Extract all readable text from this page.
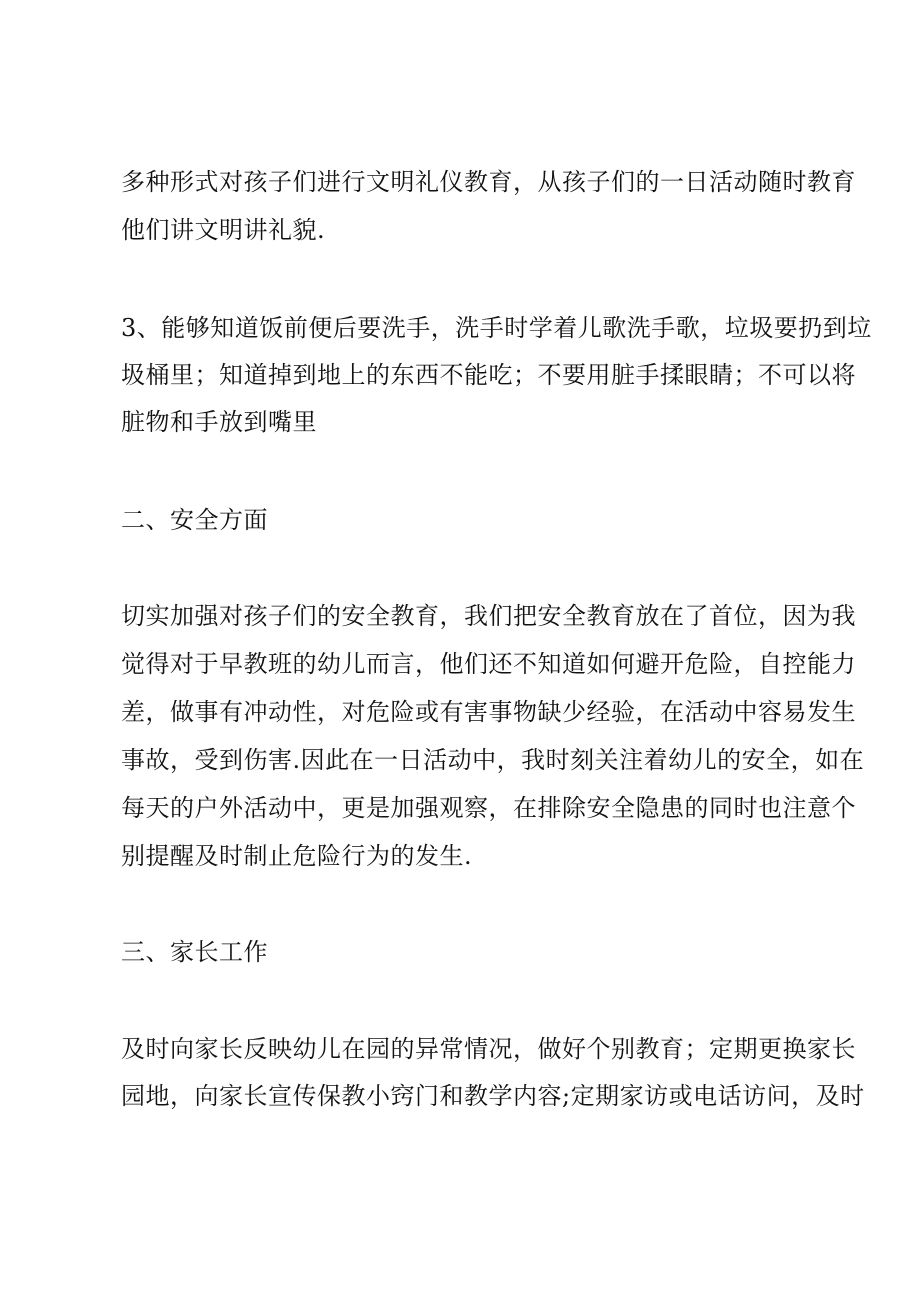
多种形式对孩子们进行文明礼仪教育，从孩子们的一日活动随时教育
他们讲文明讲礼貌.
3、能够知道饭前便后要洗手，洗手时学着儿歌洗手歌，垃圾要扔到垃
圾桶里；知道掉到地上的东西不能吃；不要用脏手揉眼睛；不可以将
脏物和手放到嘴里
二、安全方面
切实加强对孩子们的安全教育，我们把安全教育放在了首位，因为我
觉得对于早教班的幼儿而言，他们还不知道如何避开危险，自控能力
差，做事有冲动性，对危险或有害事物缺少经验，在活动中容易发生
事故，受到伤害.因此在一日活动中，我时刻关注着幼儿的安全，如在
每天的户外活动中，更是加强观察，在排除安全隐患的同时也注意个
别提醒及时制止危险行为的发生.
三、家长工作
及时向家长反映幼儿在园的异常情况，做好个别教育；定期更换家长
园地，向家长宣传保教小窍门和教学内容;定期家访或电话访问，及时
